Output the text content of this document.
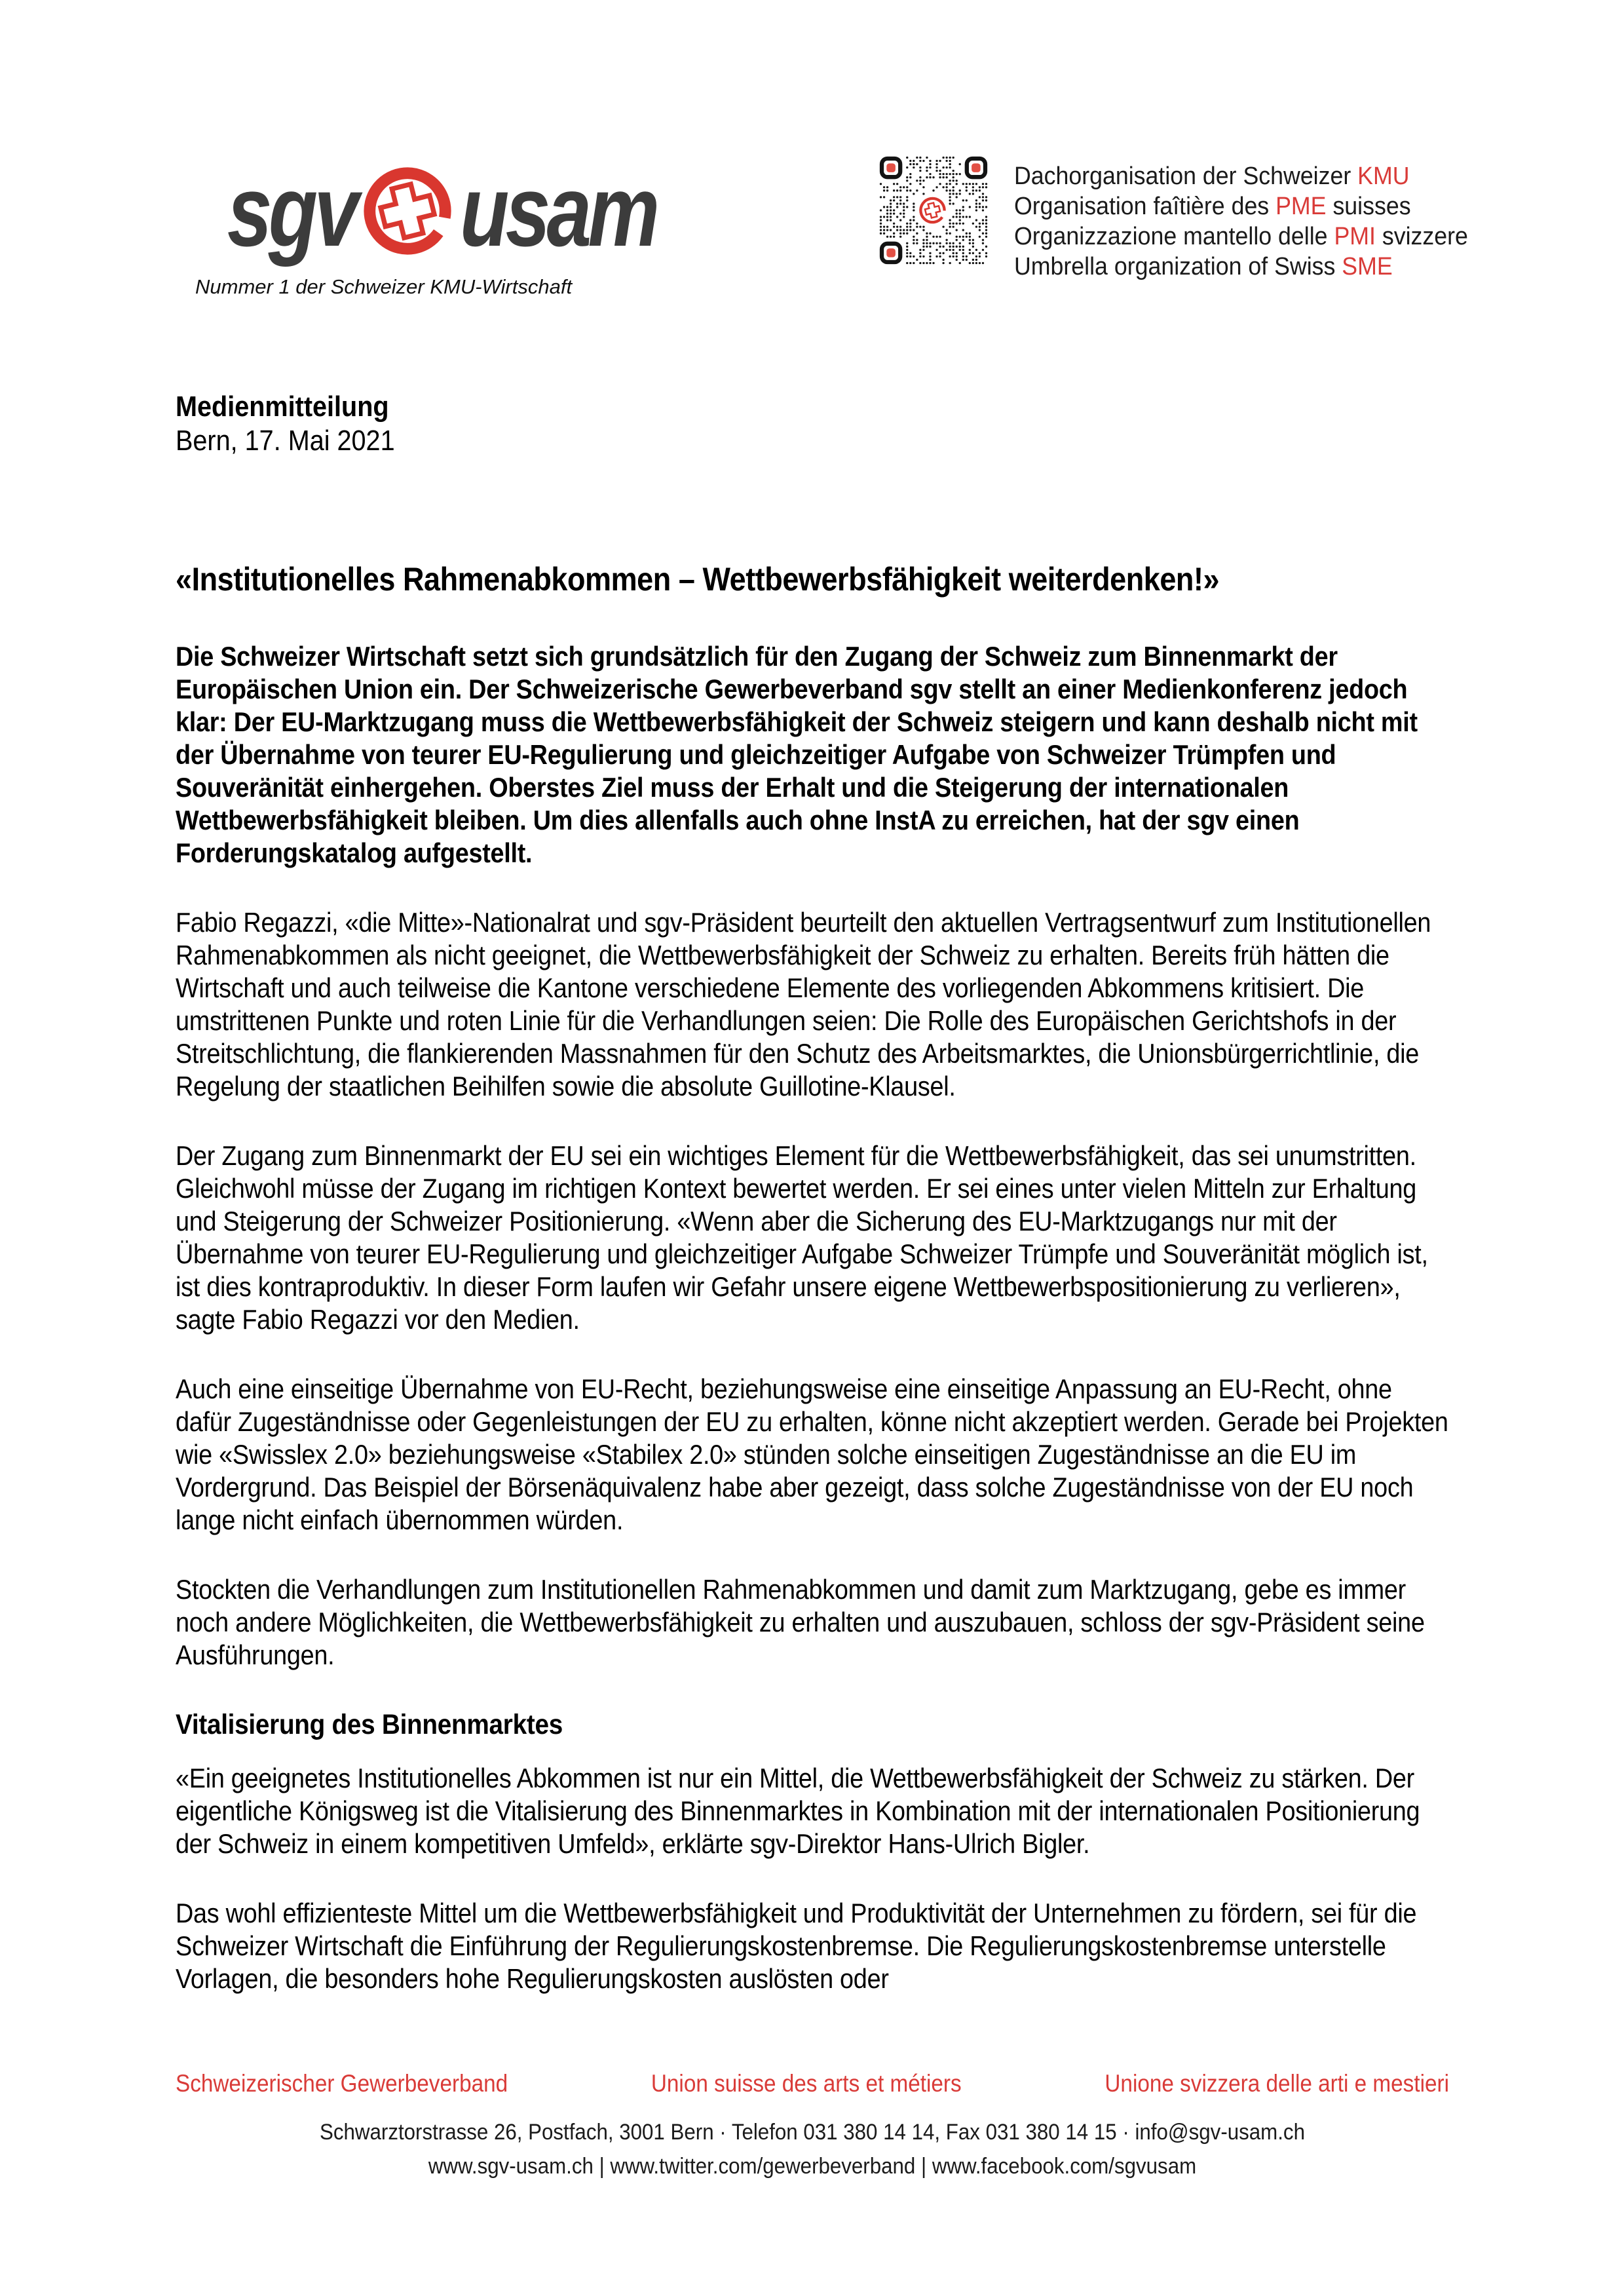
sgv usam
Nummer 1 der Schweizer KMU-Wirtschaft
Dachorganisation der Schweizer KMU
Organisation faîtière des PME suisses
Organizzazione mantello delle PMI svizzere
Umbrella organization of Swiss SME
Medienmitteilung
Bern, 17. Mai 2021
«Institutionelles Rahmenabkommen – Wettbewerbsfähigkeit weiterdenken!»

Die Schweizer Wirtschaft setzt sich grundsätzlich für den Zugang der Schweiz zum Binnenmarkt der Europäischen Union ein. Der Schweizerische Gewerbeverband sgv stellt an einer Medienkonferenz jedoch klar: Der EU-Marktzugang muss die Wettbewerbsfähigkeit der Schweiz steigern und kann deshalb nicht mit der Übernahme von teurer EU-Regulierung und gleichzeitiger Aufgabe von Schweizer Trümpfen und Souveränität einhergehen. Oberstes Ziel muss der Erhalt und die Steigerung der internationalen Wettbewerbsfähigkeit bleiben. Um dies allenfalls auch ohne InstA zu erreichen, hat der sgv einen Forderungskatalog aufgestellt.

Fabio Regazzi, «die Mitte»-Nationalrat und sgv-Präsident beurteilt den aktuellen Vertragsentwurf zum Institutionellen Rahmenabkommen als nicht geeignet, die Wettbewerbsfähigkeit der Schweiz zu erhalten. Bereits früh hätten die Wirtschaft und auch teilweise die Kantone verschiedene Elemente des vorliegenden Abkommens kritisiert. Die umstrittenen Punkte und roten Linie für die Verhandlungen seien: Die Rolle des Europäischen Gerichtshofs in der Streitschlichtung, die flankierenden Massnahmen für den Schutz des Arbeitsmarktes, die Unionsbürgerrichtlinie, die Regelung der staatlichen Beihilfen sowie die absolute Guillotine-Klausel.

Der Zugang zum Binnenmarkt der EU sei ein wichtiges Element für die Wettbewerbsfähigkeit, das sei unumstritten. Gleichwohl müsse der Zugang im richtigen Kontext bewertet werden. Er sei eines unter vielen Mitteln zur Erhaltung und Steigerung der Schweizer Positionierung. «Wenn aber die Sicherung des EU-Marktzugangs nur mit der Übernahme von teurer EU-Regulierung und gleichzeitiger Aufgabe Schweizer Trümpfe und Souveränität möglich ist, ist dies kontraproduktiv. In dieser Form laufen wir Gefahr unsere eigene Wettbewerbspositionierung zu verlieren», sagte Fabio Regazzi vor den Medien.

Auch eine einseitige Übernahme von EU-Recht, beziehungsweise eine einseitige Anpassung an EU-Recht, ohne dafür Zugeständnisse oder Gegenleistungen der EU zu erhalten, könne nicht akzeptiert werden. Gerade bei Projekten wie «Swisslex 2.0» beziehungsweise «Stabilex 2.0» stünden solche einseitigen Zugeständnisse an die EU im Vordergrund. Das Beispiel der Börsenäquivalenz habe aber gezeigt, dass solche Zugeständnisse von der EU noch lange nicht einfach übernommen würden.

Stockten die Verhandlungen zum Institutionellen Rahmenabkommen und damit zum Marktzugang, gebe es immer noch andere Möglichkeiten, die Wettbewerbsfähigkeit zu erhalten und auszubauen, schloss der sgv-Präsident seine Ausführungen.

Vitalisierung des Binnenmarktes

«Ein geeignetes Institutionelles Abkommen ist nur ein Mittel, die Wettbewerbsfähigkeit der Schweiz zu stärken. Der eigentliche Königsweg ist die Vitalisierung des Binnenmarktes in Kombination mit der internationalen Positionierung der Schweiz in einem kompetitiven Umfeld», erklärte sgv-Direktor Hans-Ulrich Bigler.

Das wohl effizienteste Mittel um die Wettbewerbsfähigkeit und Produktivität der Unternehmen zu fördern, sei für die Schweizer Wirtschaft die Einführung der Regulierungskostenbremse. Die Regulierungskostenbremse unterstelle Vorlagen, die besonders hohe Regulierungskosten auslösten oder

Schweizerischer Gewerbeverband	Union suisse des arts et métiers	Unione svizzera delle arti e mestieri
Schwarztorstrasse 26, Postfach, 3001 Bern · Telefon 031 380 14 14, Fax 031 380 14 15 · info@sgv-usam.ch
www.sgv-usam.ch | www.twitter.com/gewerbeverband | www.facebook.com/sgvusam
